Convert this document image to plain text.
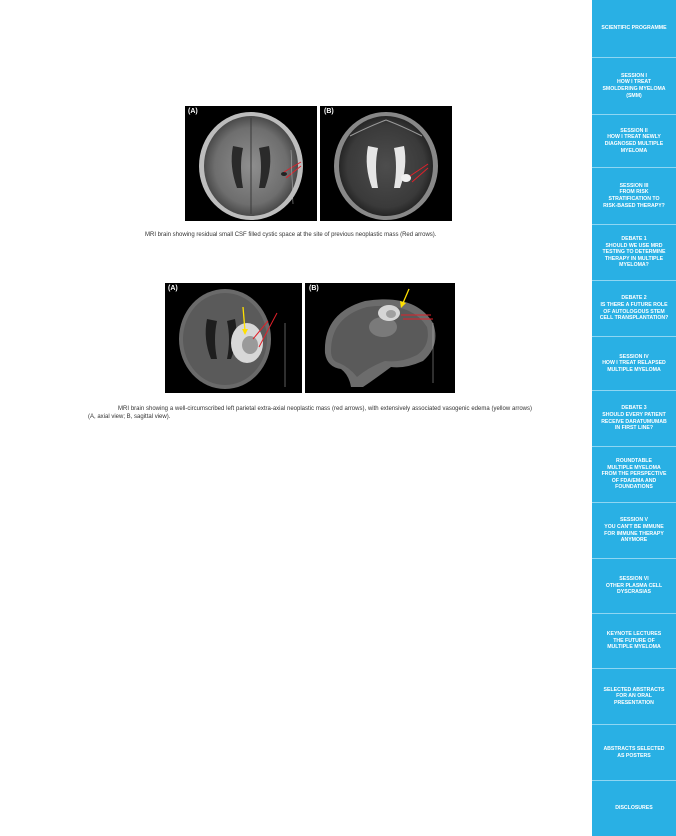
(A)	(B)
MRI brain showing residual small CSF filled cystic space at the site of previous neoplastic mass (Red arrows).
(A)	(B)
MRI brain showing a well-circumscribed left parietal extra-axial neoplastic mass (red arrows), with extensively associated vasogenic edema (yellow arrows) (A, axial view; B, sagittal view).
SCIENTIFIC PROGRAMME
SESSION I
HOW I TREAT
SMOLDERING MYELOMA
(SMM)
SESSION II
HOW I TREAT NEWLY
DIAGNOSED MULTIPLE
MYELOMA
SESSION III
FROM RISK
STRATIFICATION TO
RISK-BASED THERAPY?
DEBATE 1
SHOULD WE USE MRD
TESTING TO DETERMINE
THERAPY IN MULTIPLE
MYELOMA?
DEBATE 2
IS THERE A FUTURE ROLE
OF AUTOLOGOUS STEM
CELL TRANSPLANTATION?
SESSION IV
HOW I TREAT RELAPSED
MULTIPLE MYELOMA
DEBATE 3
SHOULD EVERY PATIENT
RECEIVE DARATUMUMAB
IN FIRST LINE?
ROUNDTABLE
MULTIPLE MYELOMA
FROM THE PERSPECTIVE
OF FDA/EMA AND
FOUNDATIONS
SESSION V
YOU CAN'T BE IMMUNE
FOR IMMUNE THERAPY
ANYMORE
SESSION VI
OTHER PLASMA CELL
DYSCRASIAS
KEYNOTE LECTURES
THE FUTURE OF
MULTIPLE MYELOMA
SELECTED ABSTRACTS
FOR AN ORAL
PRESENTATION
ABSTRACTS SELECTED
AS POSTERS
DISCLOSURES
